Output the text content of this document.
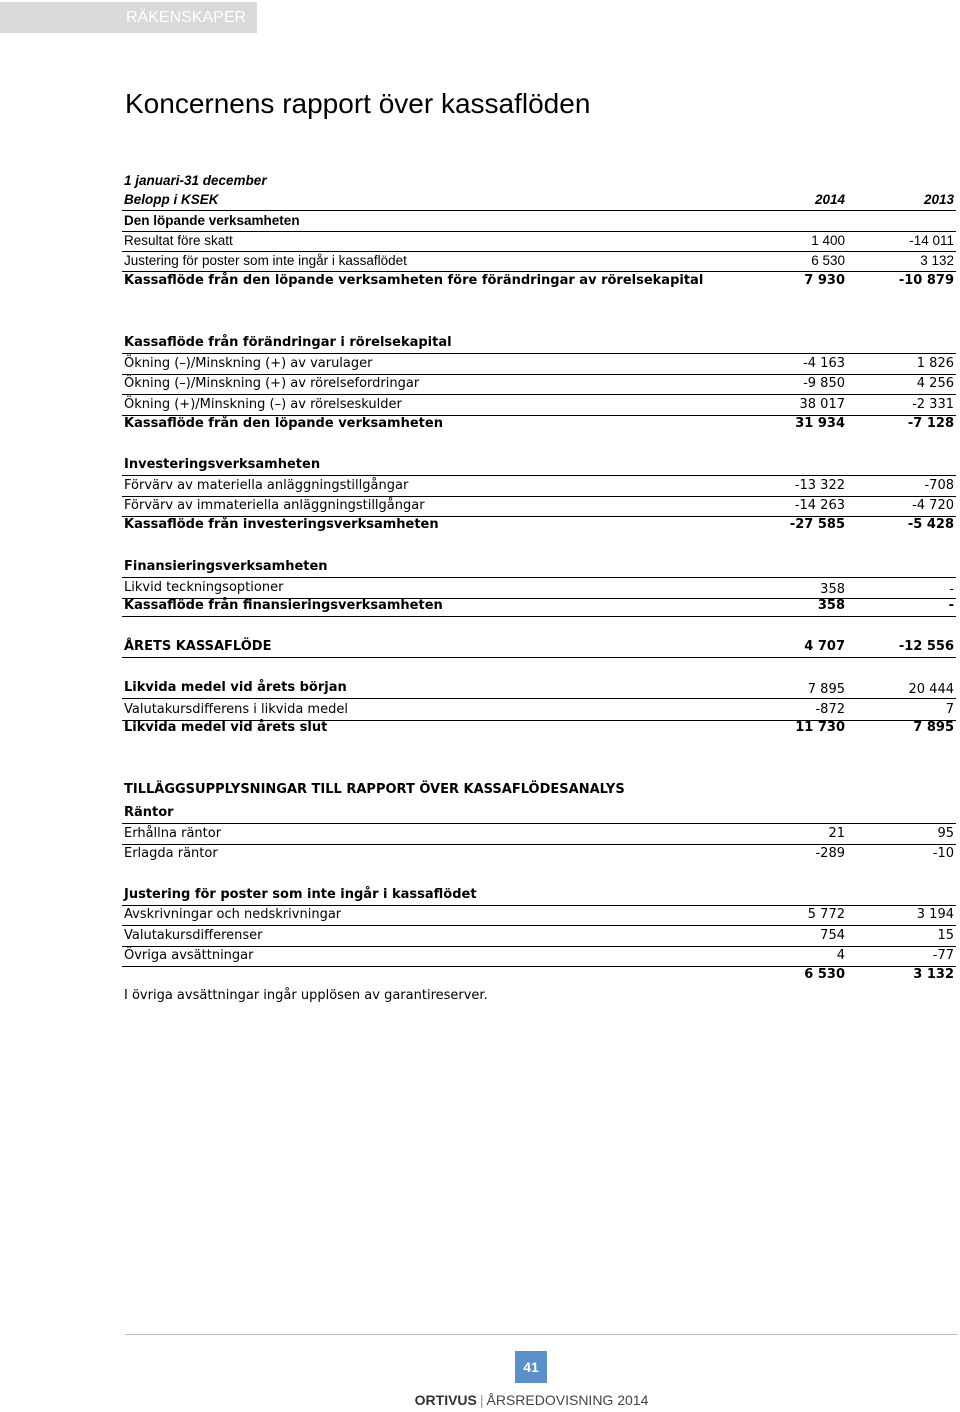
RÄKENSKAPER
Koncernens rapport över kassaflöden
1 januari-31 december
Belopp i KSEK	2014	2013
Den löpande verksamheten
Resultat före skatt	1 400	-14 011
Justering för poster som inte ingår i kassaflödet	6 530	3 132
Kassaflöde från den löpande verksamheten före förändringar av rörelsekapital	7 930	-10 879
Kassaflöde från förändringar i rörelsekapital
Ökning (–)/Minskning (+) av varulager	-4 163	1 826
Ökning (–)/Minskning (+) av rörelsefordringar	-9 850	4 256
Ökning (+)/Minskning (–) av rörelseskulder	38 017	-2 331
Kassaflöde från den löpande verksamheten	31 934	-7 128
Investeringsverksamheten
Förvärv av materiella anläggningstillgångar	-13 322	-708
Förvärv av immateriella anläggningstillgångar	-14 263	-4 720
Kassaflöde från investeringsverksamheten	-27 585	-5 428
Finansieringsverksamheten
Likvid teckningsoptioner	358	-
Kassaflöde från finansieringsverksamheten	358	-
ÅRETS KASSAFLÖDE	4 707	-12 556
Likvida medel vid årets början	7 895	20 444
Valutakursdifferens i likvida medel	-872	7
Likvida medel vid årets slut	11 730	7 895
TILLÄGGSUPPLYSNINGAR TILL RAPPORT ÖVER KASSAFLÖDESANALYS
Räntor
Erhållna räntor	21	95
Erlagda räntor	-289	-10
Justering för poster som inte ingår i kassaflödet
Avskrivningar och nedskrivningar	5 772	3 194
Valutakursdifferenser	754	15
Övriga avsättningar	4	-77
6 530	3 132
I övriga avsättningar ingår upplösen av garantireserver.
41
ORTIVUS | ÅRSREDOVISNING 2014
